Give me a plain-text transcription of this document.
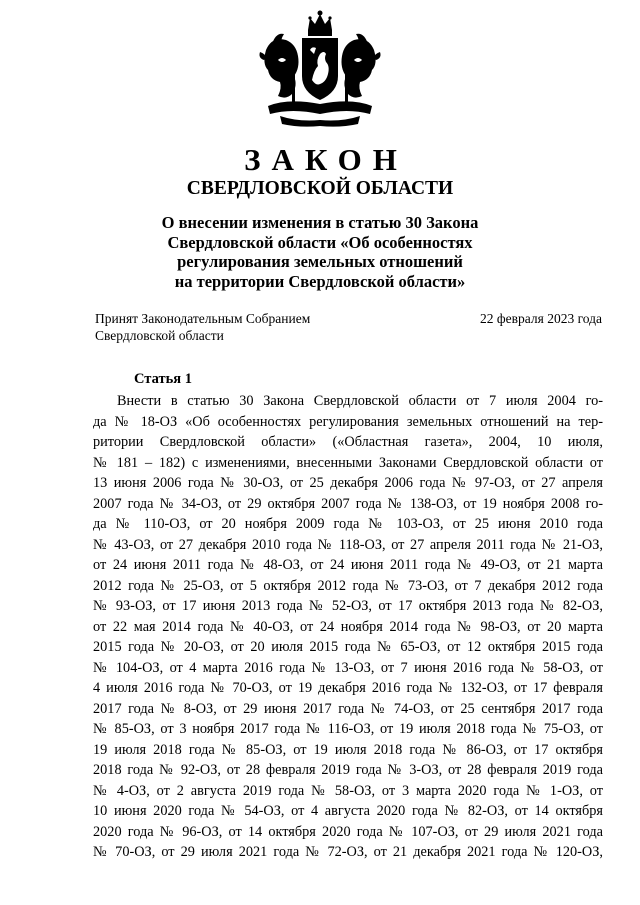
ЗАКОН
СВЕРДЛОВСКОЙ ОБЛАСТИ
О внесении изменения в статью 30 Закона
Свердловской области «Об особенностях
регулирования земельных отношений
на территории Свердловской области»
Принят Законодательным Собранием
Свердловской области
22 февраля 2023 года
Статья 1
Внести в статью 30 Закона Свердловской области от 7 июля 2004 го-
да № 18-ОЗ «Об особенностях регулирования земельных отношений на тер-
ритории Свердловской области» («Областная газета», 2004, 10 июля,
№ 181 – 182) с изменениями, внесенными Законами Свердловской области от
13 июня 2006 года № 30-ОЗ, от 25 декабря 2006 года № 97-ОЗ, от 27 апреля
2007 года № 34-ОЗ, от 29 октября 2007 года № 138-ОЗ, от 19 ноября 2008 го-
да № 110-ОЗ, от 20 ноября 2009 года № 103-ОЗ, от 25 июня 2010 года
№ 43-ОЗ, от 27 декабря 2010 года № 118-ОЗ, от 27 апреля 2011 года № 21-ОЗ,
от 24 июня 2011 года № 48-ОЗ, от 24 июня 2011 года № 49-ОЗ, от 21 марта
2012 года № 25-ОЗ, от 5 октября 2012 года № 73-ОЗ, от 7 декабря 2012 года
№ 93-ОЗ, от 17 июня 2013 года № 52-ОЗ, от 17 октября 2013 года № 82-ОЗ,
от 22 мая 2014 года № 40-ОЗ, от 24 ноября 2014 года № 98-ОЗ, от 20 марта
2015 года № 20-ОЗ, от 20 июля 2015 года № 65-ОЗ, от 12 октября 2015 года
№ 104-ОЗ, от 4 марта 2016 года № 13-ОЗ, от 7 июня 2016 года № 58-ОЗ, от
4 июля 2016 года № 70-ОЗ, от 19 декабря 2016 года № 132-ОЗ, от 17 февраля
2017 года № 8-ОЗ, от 29 июня 2017 года № 74-ОЗ, от 25 сентября 2017 года
№ 85-ОЗ, от 3 ноября 2017 года № 116-ОЗ, от 19 июля 2018 года № 75-ОЗ, от
19 июля 2018 года № 85-ОЗ, от 19 июля 2018 года № 86-ОЗ, от 17 октября
2018 года № 92-ОЗ, от 28 февраля 2019 года № 3-ОЗ, от 28 февраля 2019 года
№ 4-ОЗ, от 2 августа 2019 года № 58-ОЗ, от 3 марта 2020 года № 1-ОЗ, от
10 июня 2020 года № 54-ОЗ, от 4 августа 2020 года № 82-ОЗ, от 14 октября
2020 года № 96-ОЗ, от 14 октября 2020 года № 107-ОЗ, от 29 июля 2021 года
№ 70-ОЗ, от 29 июля 2021 года № 72-ОЗ, от 21 декабря 2021 года № 120-ОЗ,
